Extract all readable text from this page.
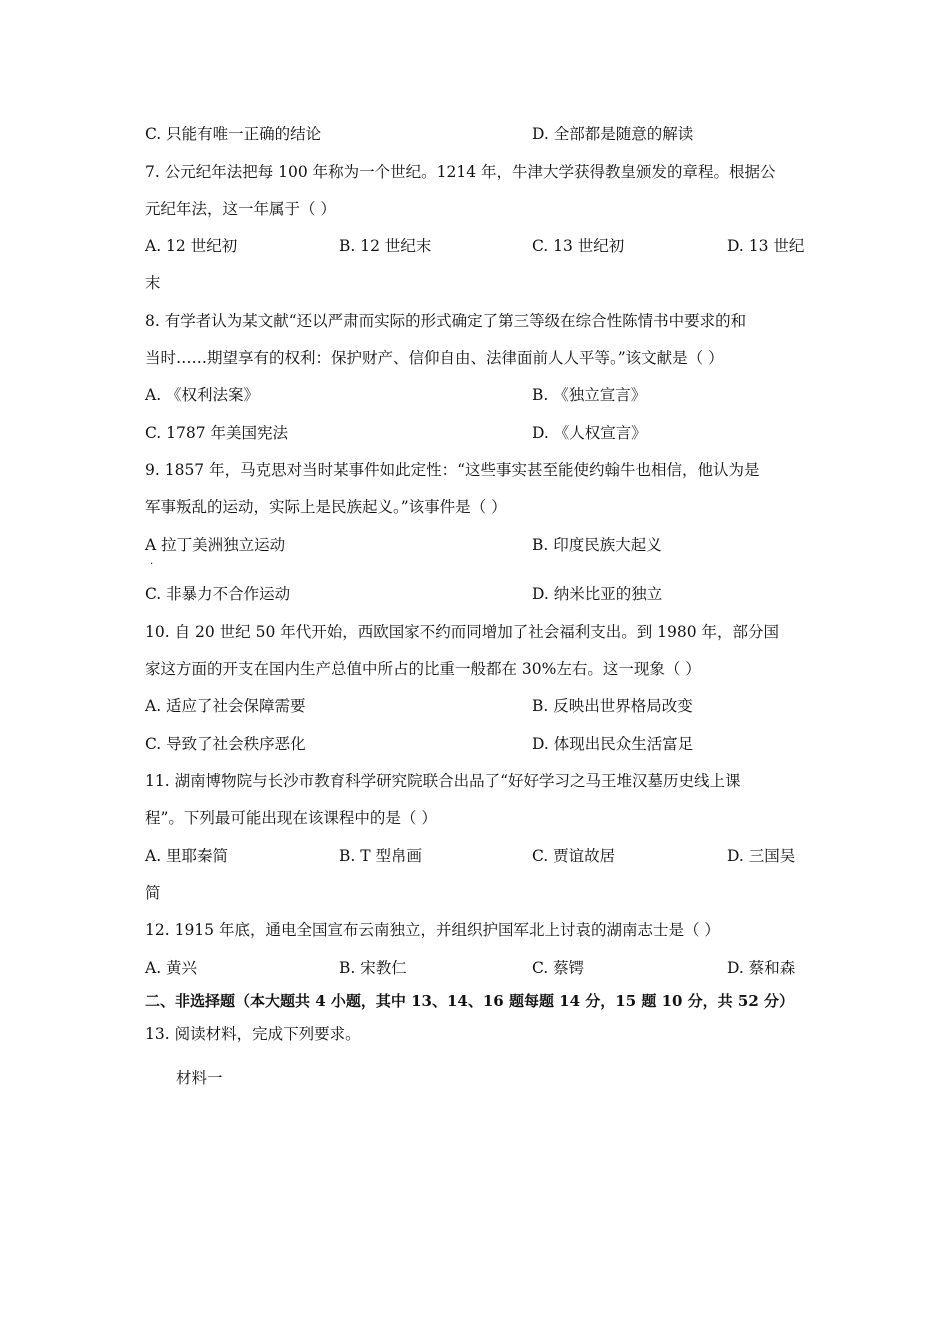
C. 只能有唯一正确的结论	D. 全部都是随意的解读
7. 公元纪年法把每 100 年称为一个世纪。1214 年，牛津大学获得教皇颁发的章程。根据公
元纪年法，这一年属于（ ）
A. 12 世纪初	B. 12 世纪末	C. 13 世纪初	D. 13 世纪
末
8. 有学者认为某文献“还以严肃而实际的形式确定了第三等级在综合性陈情书中要求的和
当时……期望享有的权利：保护财产、信仰自由、法律面前人人平等。”该文献是（ ）
A. 《权利法案》	B. 《独立宣言》
C. 1787 年美国宪法	D. 《人权宣言》
9. 1857 年，马克思对当时某事件如此定性：“这些事实甚至能使约翰牛也相信，他认为是
军事叛乱的运动，实际上是民族起义。”该事件是（ ）
A 拉丁美洲独立运动
.
B. 印度民族大起义
C. 非暴力不合作运动	D. 纳米比亚的独立
10. 自 20 世纪 50 年代开始，西欧国家不约而同增加了社会福利支出。到 1980 年，部分国
家这方面的开支在国内生产总值中所占的比重一般都在 30%左右。这一现象（ ）
A. 适应了社会保障需要	B. 反映出世界格局改变
C. 导致了社会秩序恶化	D. 体现出民众生活富足
11. 湖南博物院与长沙市教育科学研究院联合出品了“好好学习之马王堆汉墓历史线上课
程”。下列最可能出现在该课程中的是（ ）
A. 里耶秦简	B. T 型帛画	C. 贾谊故居	D. 三国吴
简
12. 1915 年底，通电全国宣布云南独立，并组织护国军北上讨袁的湖南志士是（ ）
A. 黄兴	B. 宋教仁	C. 蔡锷	D. 蔡和森
二、非选择题（本大题共 4 小题，其中 13、14、16 题每题 14 分，15 题 10 分，共 52 分）
13. 阅读材料，完成下列要求。
材料一
